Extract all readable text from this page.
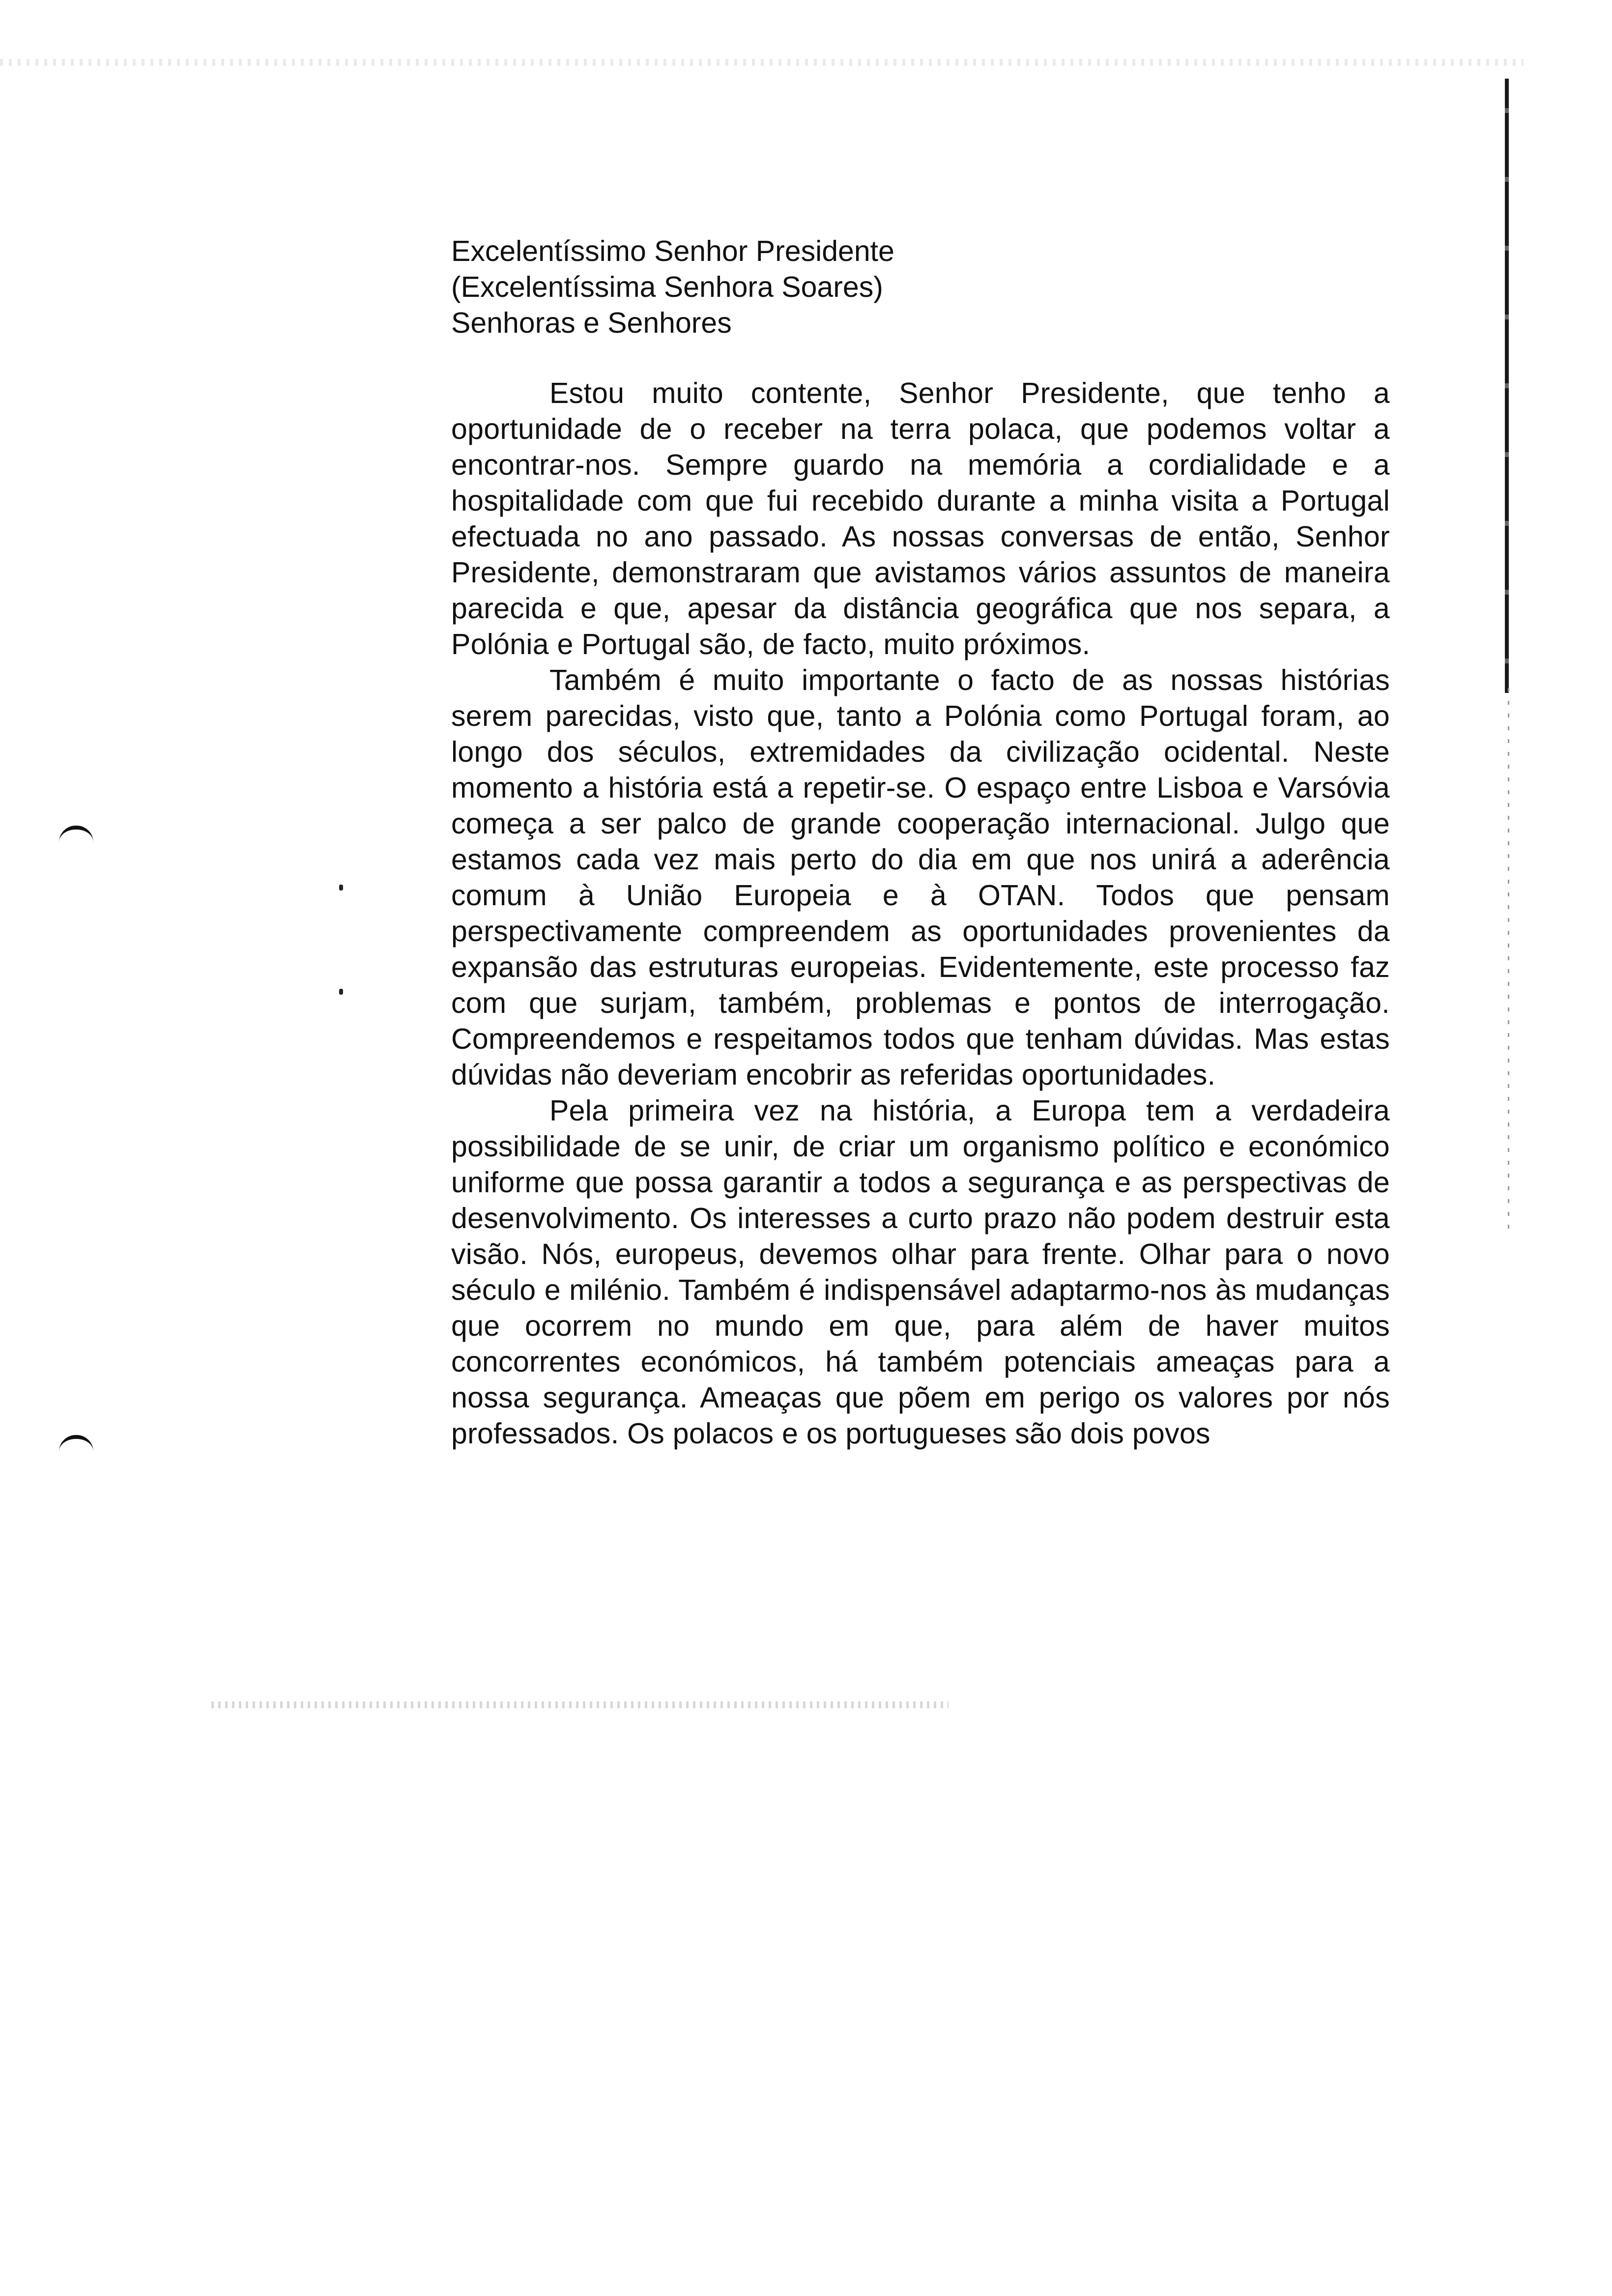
Excelentíssimo Senhor Presidente

(Excelentíssima Senhora Soares)

Senhoras e Senhores

Estou muito contente, Senhor Presidente, que tenho a oportunidade de o receber na terra polaca, que podemos voltar a encontrar-nos. Sempre guardo na memória a cordialidade e a hospitalidade com que fui recebido durante a minha visita a Portugal efectuada no ano passado. As nossas conversas de então, Senhor Presidente, demonstraram que avistamos vários assuntos de maneira parecida e que, apesar da distância geográfica que nos separa, a Polónia e Portugal são, de facto, muito próximos.

Também é muito importante o facto de as nossas histórias serem parecidas, visto que, tanto a Polónia como Portugal foram, ao longo dos séculos, extremidades da civilização ocidental. Neste momento a história está a repetir-se. O espaço entre Lisboa e Varsóvia começa a ser palco de grande cooperação internacional. Julgo que estamos cada vez mais perto do dia em que nos unirá a aderência comum à União Europeia e à OTAN. Todos que pensam perspectivamente compreendem as oportunidades provenientes da expansão das estruturas europeias. Evidentemente, este processo faz com que surjam, também, problemas e pontos de interrogação. Compreendemos e respeitamos todos que tenham dúvidas. Mas estas dúvidas não deveriam encobrir as referidas oportunidades.

Pela primeira vez na história, a Europa tem a verdadeira possibilidade de se unir, de criar um organismo político e económico uniforme que possa garantir a todos a segurança e as perspectivas de desenvolvimento. Os interesses a curto prazo não podem destruir esta visão. Nós, europeus, devemos olhar para frente. Olhar para o novo século e milénio. Também é indispensável adaptarmo-nos às mudanças que ocorrem no mundo em que, para além de haver muitos concorrentes económicos, há também potenciais ameaças para a nossa segurança. Ameaças que põem em perigo os valores por nós professados. Os polacos e os portugueses são dois povos
